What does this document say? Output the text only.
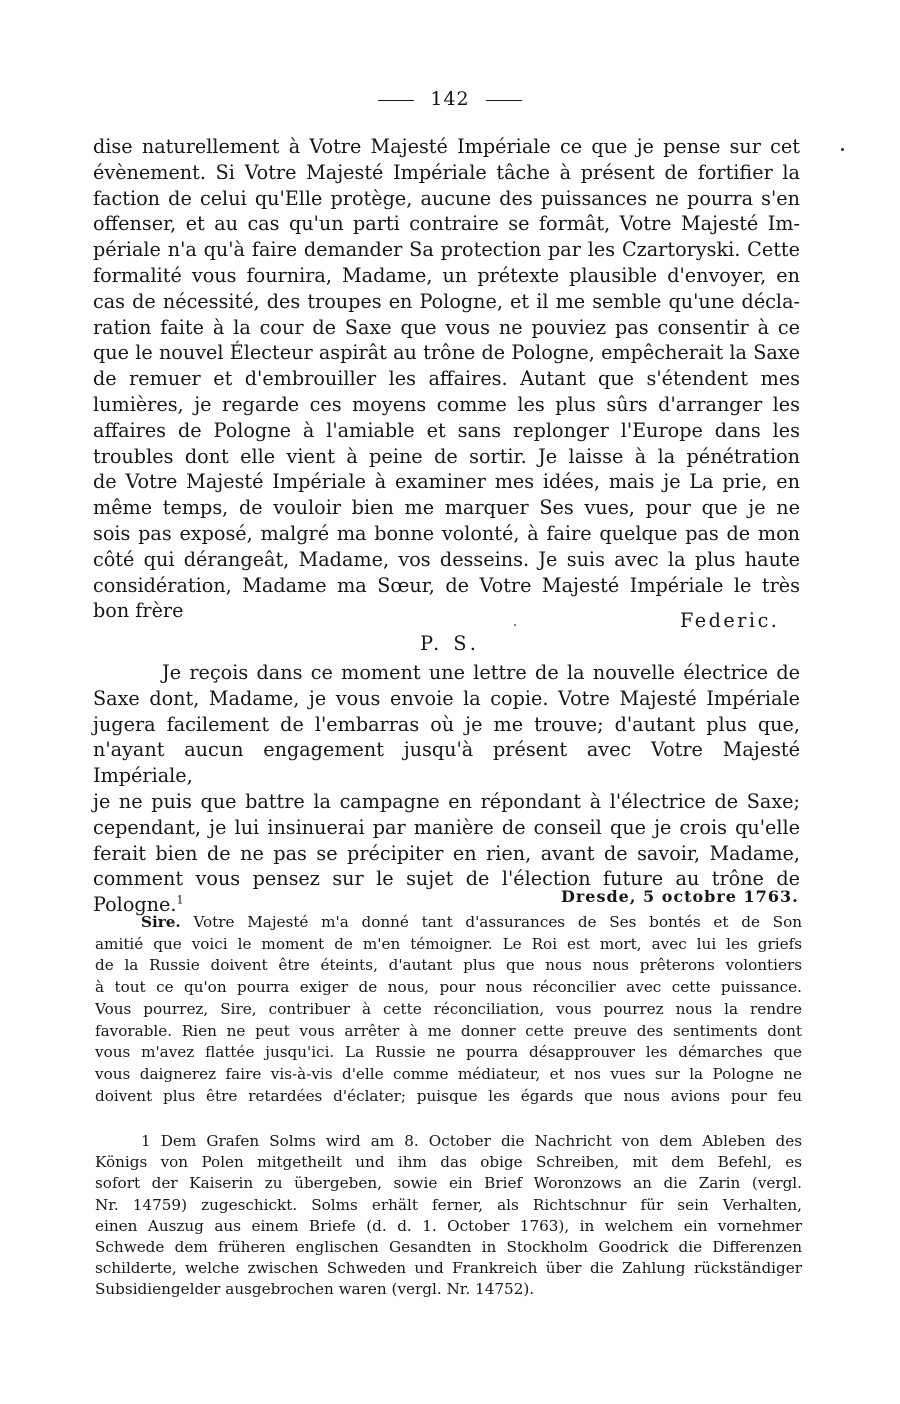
142

dise naturellement à Votre Majesté Impériale ce que je pense sur cet

évènement. Si Votre Majesté Impériale tâche à présent de fortifier la

faction de celui qu'Elle protège, aucune des puissances ne pourra s'en

offenser, et au cas qu'un parti contraire se formât, Votre Majesté Im-

périale n'a qu'à faire demander Sa protection par les Czartoryski. Cette

formalité vous fournira, Madame, un prétexte plausible d'envoyer, en

cas de nécessité, des troupes en Pologne, et il me semble qu'une décla-

ration faite à la cour de Saxe que vous ne pouviez pas consentir à ce

que le nouvel Électeur aspirât au trône de Pologne, empêcherait la Saxe

de remuer et d'embrouiller les affaires. Autant que s'étendent mes

lumières, je regarde ces moyens comme les plus sûrs d'arranger les

affaires de Pologne à l'amiable et sans replonger l'Europe dans les

troubles dont elle vient à peine de sortir. Je laisse à la pénétration

de Votre Majesté Impériale à examiner mes idées, mais je La prie, en

même temps, de vouloir bien me marquer Ses vues, pour que je ne

sois pas exposé, malgré ma bonne volonté, à faire quelque pas de mon

côté qui dérangeât, Madame, vos desseins. Je suis avec la plus haute

considération, Madame ma Sœur, de Votre Majesté Impériale le très

bon frère	Federic.
P. S.

Je reçois dans ce moment une lettre de la nouvelle électrice de

Saxe dont, Madame, je vous envoie la copie. Votre Majesté Impériale

jugera facilement de l'embarras où je me trouve; d'autant plus que,

n'ayant aucun engagement jusqu'à présent avec Votre Majesté Impériale,

je ne puis que battre la campagne en répondant à l'électrice de Saxe;

cependant, je lui insinuerai par manière de conseil que je crois qu'elle

ferait bien de ne pas se précipiter en rien, avant de savoir, Madame,

comment vous pensez sur le sujet de l'élection future au trône de

Pologne.$^1$	Dresde, 5 octobre 1763.
Sire. Votre Majesté m'a donné tant d'assurances de Ses bontés et de Son
amitié que voici le moment de m'en témoigner. Le Roi est mort, avec lui les griefs
de la Russie doivent être éteints, d'autant plus que nous nous prêterons volontiers
à tout ce qu'on pourra exiger de nous, pour nous réconcilier avec cette puissance.
Vous pourrez, Sire, contribuer à cette réconciliation, vous pourrez nous la rendre
favorable. Rien ne peut vous arrêter à me donner cette preuve des sentiments dont
vous m'avez flattée jusqu'ici. La Russie ne pourra désapprouver les démarches que
vous daignerez faire vis-à-vis d'elle comme médiateur, et nos vues sur la Pologne ne
doivent plus être retardées d'éclater; puisque les égards que nous avions pour feu
1 Dem Grafen Solms wird am 8. October die Nachricht von dem Ableben des
Königs von Polen mitgetheilt und ihm das obige Schreiben, mit dem Befehl, es
sofort der Kaiserin zu übergeben, sowie ein Brief Woronzows an die Zarin (vergl.
Nr. 14759) zugeschickt. Solms erhält ferner, als Richtschnur für sein Verhalten,
einen Auszug aus einem Briefe (d. d. 1. October 1763), in welchem ein vornehmer
Schwede dem früheren englischen Gesandten in Stockholm Goodrick die Differenzen
schilderte, welche zwischen Schweden und Frankreich über die Zahlung rückständiger
Subsidiengelder ausgebrochen waren (vergl. Nr. 14752).
